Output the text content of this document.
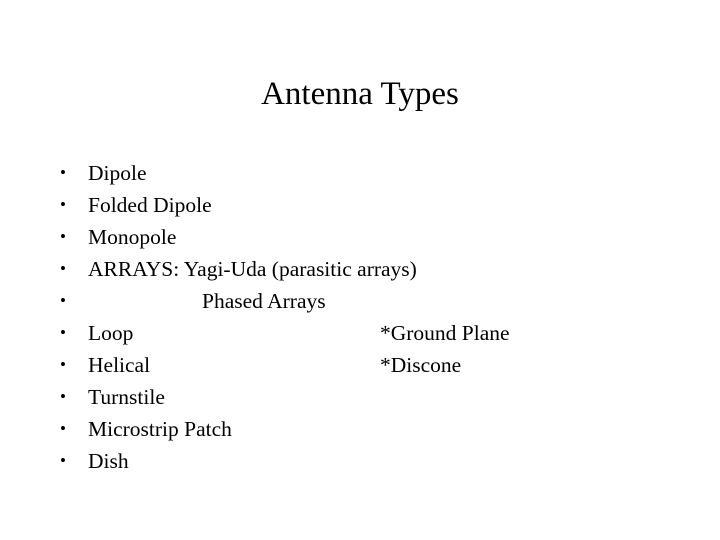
Antenna Types
• Dipole
• Folded Dipole
• Monopole
• ARRAYS: Yagi-Uda (parasitic arrays)
•	Phased Arrays
• Loop	*Ground Plane
• Helical	*Discone
• Turnstile
• Microstrip Patch
• Dish
